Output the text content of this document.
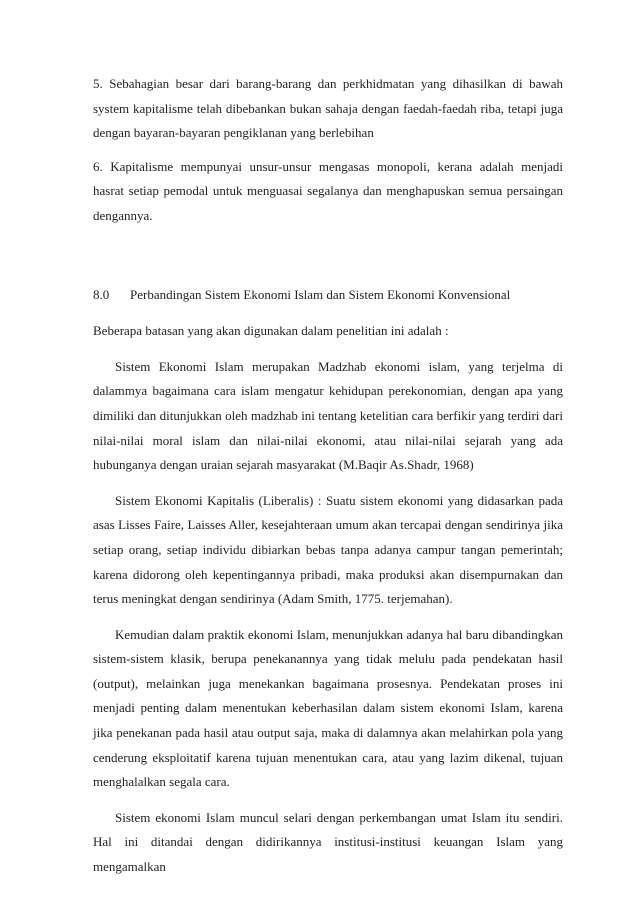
5. Sebahagian besar dari barang-barang dan perkhidmatan yang dihasilkan di bawah system kapitalisme telah dibebankan bukan sahaja dengan faedah-faedah riba, tetapi juga dengan bayaran-bayaran pengiklanan yang berlebihan

6. Kapitalisme mempunyai unsur-unsur mengasas monopoli, kerana adalah menjadi hasrat setiap pemodal untuk menguasai segalanya dan menghapuskan semua persaingan dengannya.

8.0 Perbandingan Sistem Ekonomi Islam dan Sistem Ekonomi Konvensional

Beberapa batasan yang akan digunakan dalam penelitian ini adalah :

Sistem Ekonomi Islam merupakan Madzhab ekonomi islam, yang terjelma di dalammya bagaimana cara islam mengatur kehidupan perekonomian, dengan apa yang dimiliki dan ditunjukkan oleh madzhab ini tentang ketelitian cara berfikir yang terdiri dari nilai-nilai moral islam dan nilai-nilai ekonomi, atau nilai-nilai sejarah yang ada hubunganya dengan uraian sejarah masyarakat (M.Baqir As.Shadr, 1968)

Sistem Ekonomi Kapitalis (Liberalis) : Suatu sistem ekonomi yang didasarkan pada asas Lisses Faire, Laisses Aller, kesejahteraan umum akan tercapai dengan sendirinya jika setiap orang, setiap individu dibiarkan bebas tanpa adanya campur tangan pemerintah; karena didorong oleh kepentingannya pribadi, maka produksi akan disempurnakan dan terus meningkat dengan sendirinya (Adam Smith, 1775. terjemahan).

Kemudian dalam praktik ekonomi Islam, menunjukkan adanya hal baru dibandingkan sistem-sistem klasik, berupa penekanannya yang tidak melulu pada pendekatan hasil (output), melainkan juga menekankan bagaimana prosesnya. Pendekatan proses ini menjadi penting dalam menentukan keberhasilan dalam sistem ekonomi Islam, karena jika penekanan pada hasil atau output saja, maka di dalamnya akan melahirkan pola yang cenderung eksploitatif karena tujuan menentukan cara, atau yang lazim dikenal, tujuan menghalalkan segala cara.

Sistem ekonomi Islam muncul selari dengan perkembangan umat Islam itu sendiri. Hal ini ditandai dengan didirikannya institusi-institusi keuangan Islam yang mengamalkan
